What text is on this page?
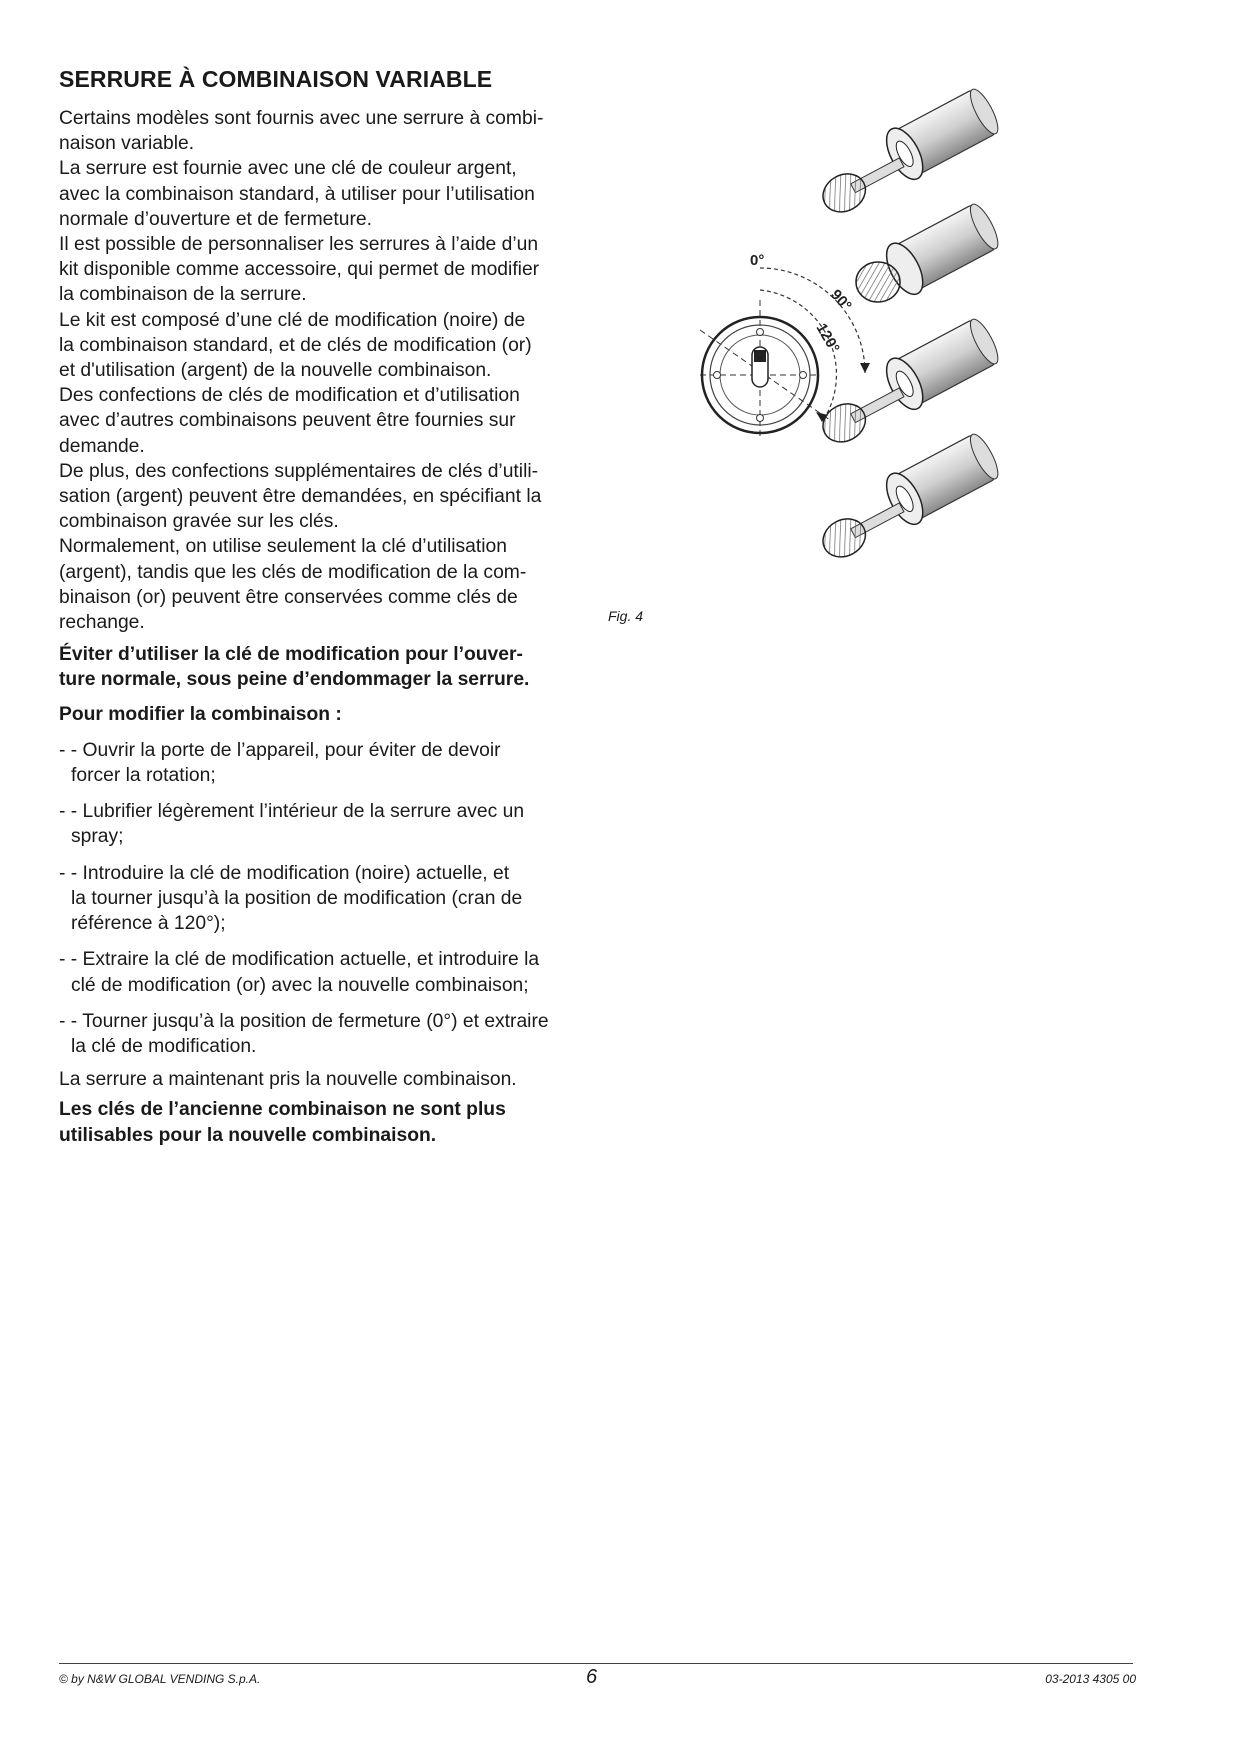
SERRURE À COMBINAISON VARIABLE

Certains modèles sont fournis avec une serrure à combi-

naison variable.

La serrure est fournie avec une clé de couleur argent,

avec la combinaison standard, à utiliser pour l’utilisation

normale d’ouverture et de fermeture.

Il est possible de personnaliser les serrures à l’aide d’un

kit disponible comme accessoire, qui permet de modifier

la combinaison de la serrure.

Le kit est composé d’une clé de modification (noire) de

la combinaison standard, et de clés de modification (or)

et d'utilisation (argent) de la nouvelle combinaison.

Des confections de clés de modification et d’utilisation

avec d’autres combinaisons peuvent être fournies sur

demande.

De plus, des confections supplémentaires de clés d’utili-

sation (argent) peuvent être demandées, en spécifiant la

combinaison gravée sur les clés.

Normalement, on utilise seulement la clé d’utilisation

(argent), tandis que les clés de modification de la com-

binaison (or) peuvent être conservées comme clés de

rechange.

Éviter d’utiliser la clé de modification pour l’ouver-

ture normale, sous peine d’endommager la serrure.

Pour modifier la combinaison :

- - Ouvrir la porte de l’appareil, pour éviter de devoir
forcer la rotation;
- - Lubrifier légèrement l’intérieur de la serrure avec un
spray;
- - Introduire la clé de modification (noire) actuelle, et
la tourner jusqu’à la position de modification (cran de
référence à 120°);
- - Extraire la clé de modification actuelle, et introduire la
clé de modification (or) avec la nouvelle combinaison;
- - Tourner jusqu’à la position de fermeture (0°) et extraire
la clé de modification.

La serrure a maintenant pris la nouvelle combinaison.

Les clés de l’ancienne combinaison ne sont plus

utilisables pour la nouvelle combinaison.

0°
90°
120°
Fig. 4
© by N&W GLOBAL VENDING S.p.A.	6	03-2013 4305 00
